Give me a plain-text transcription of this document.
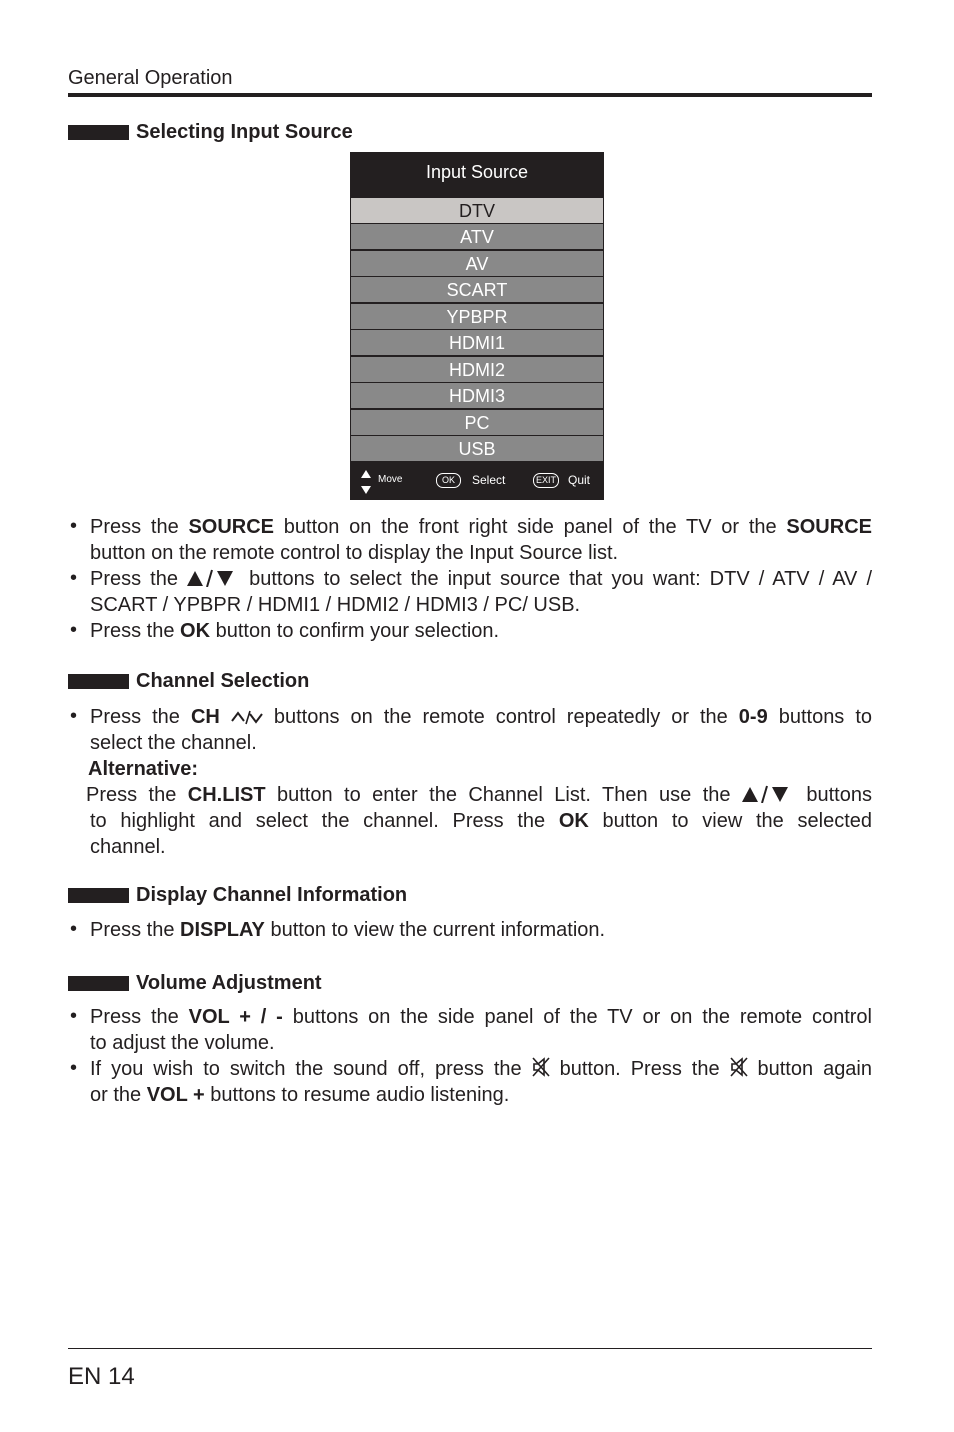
General Operation
Selecting Input Source
Input Source
DTV
ATV
AV
SCART
YPBPR
HDMI1
HDMI2
HDMI3
PC
USB
Move	OK	Select	EXIT Quit
• Press the SOURCE button on the front right side panel of the TV or the SOURCE
button on the remote control to display the Input Source list.
• Press the	buttons to select the input source that you want: DTV / ATV / AV /
SCART / YPBPR / HDMI1 / HDMI2 / HDMI3 / PC/ USB.
• Press the OK button to confirm your selection.
Channel Selection
• Press the CH  buttons on the remote control repeatedly or the 0-9 buttons to
select the channel.
Alternative:
Press the CH.LIST button to enter the Channel List. Then use the	buttons
to highlight and select the channel. Press the OK button to view the selected
channel.
Display Channel Information
• Press the DISPLAY button to view the current information.
Volume Adjustment
• Press the VOL + / - buttons on the side panel of the TV or on the remote control
to adjust the volume.
• If you wish to switch the sound off, press the  button. Press the  button again
or the VOL + buttons to resume audio listening.
EN 14
